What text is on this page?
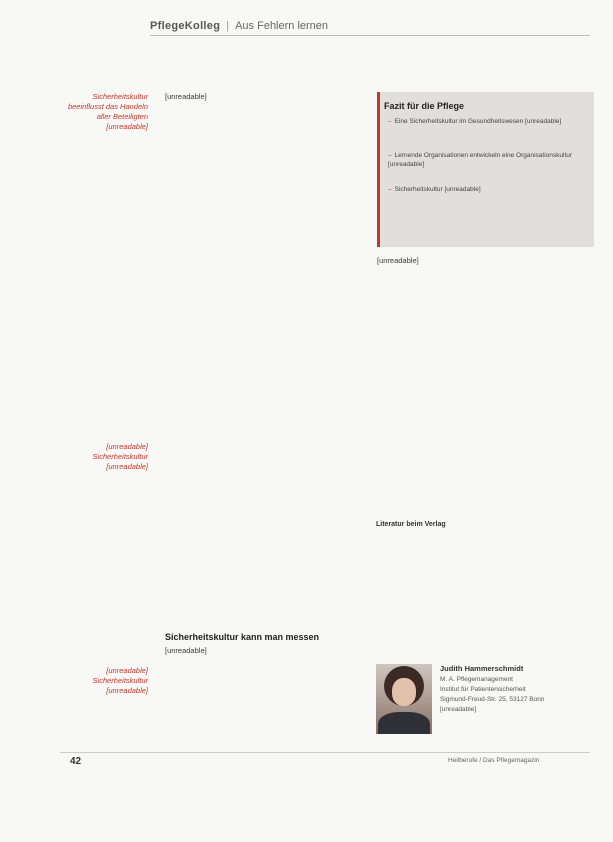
PflegeKolleg | Aus Fehlern lernen
Sicherheitskultur beeinflusst das Handeln aller Beteiligten [unreadable]
[unreadable] Sicherheitskultur [unreadable]
[unreadable] Sicherheitskultur [unreadable]
[unreadable]
Fazit für die Pflege
– Eine Sicherheitskultur im Gesundheitswesen [unreadable]
– Lernende Organisationen entwickeln eine Organisationskultur [unreadable]
– Sicherheitskultur [unreadable]
[unreadable]
Literatur beim Verlag
Sicherheitskultur kann man messen
[unreadable]
Judith Hammerschmidt
M. A. Pflegemanagement
Institut für Patientensicherheit
Sigmund-Freud-Str. 25, 53127 Bonn
[unreadable]
42	Heilberufe / Das Pflegemagazin
